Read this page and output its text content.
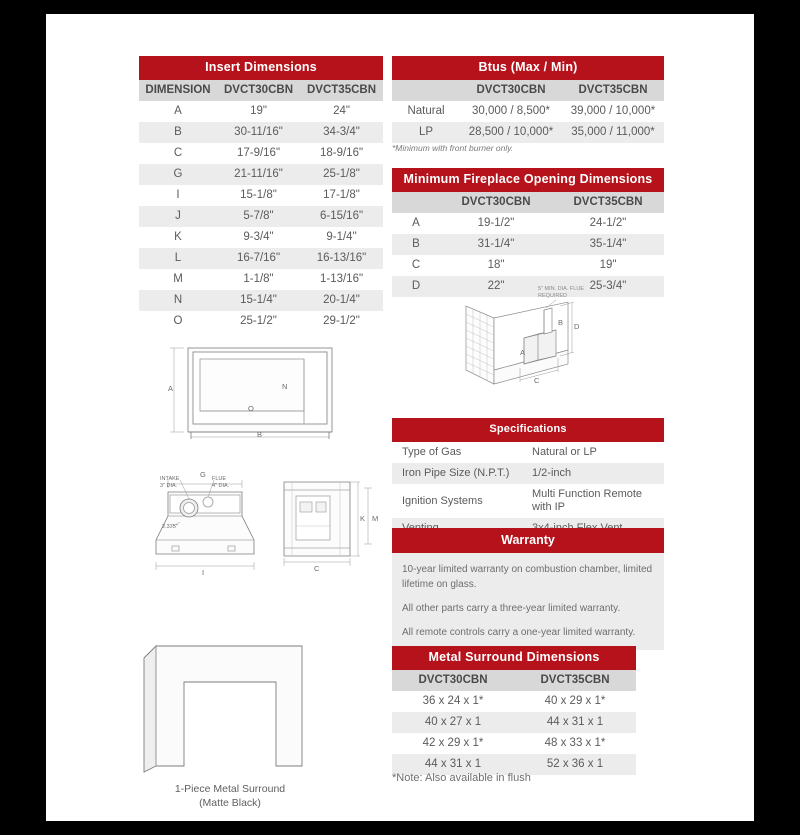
Insert Dimensions		
DIMENSION	DVCT30CBN	DVCT35CBN
A	19"	24"
B	30-11/16"	34-3/4"
C	17-9/16"	18-9/16"
G	21-11/16"	25-1/8"
I	15-1/8"	17-1/8"
J	5-7/8"	6-15/16"
K	9-3/4"	9-1/4"
L	16-7/16"	16-13/16"
M	1-1/8"	1-13/16"
N	15-1/4"	20-1/4"
O	25-1/2"	29-1/2"
Btus (Max / Min)		
	DVCT30CBN	DVCT35CBN
Natural	30,000 / 8,500*	39,000 / 10,000*
LP	28,500 / 10,000*	35,000 / 11,000*
*Minimum with front burner only.
Minimum Fireplace Opening Dimensions		
	DVCT30CBN	DVCT35CBN
A	19-1/2"	24-1/2"
B	31-1/4"	35-1/4"
C	18"	19"
D	22"	25-3/4"
5" MIN. DIA. FLUE
REQUIRED
D
C
A
B
Specifications	
Type of Gas	Natural or LP
Iron Pipe Size (N.P.T.)	1/2-inch
Ignition Systems	Multi Function Remote with IP

Warranty

10-year limited warranty on combustion chamber, limited lifetime on glass.

All other parts carry a three-year limited warranty.

All remote controls carry a one-year limited warranty.

Metal Surround Dimensions	
DVCT30CBN	DVCT35CBN
36 x 24 x 1*	40 x 29 x 1*
40 x 27 x 1	44 x 31 x 1
42 x 29 x 1*	48 x 33 x 1*
44 x 31 x 1	52 x 36 x 1
*Note: Also available in flush
A	N
O
B
G
INTAKE
3" DIA.
FLUE
4" DIA.
2.375"
I
K M
C
1-Piece Metal Surround
(Matte Black)
